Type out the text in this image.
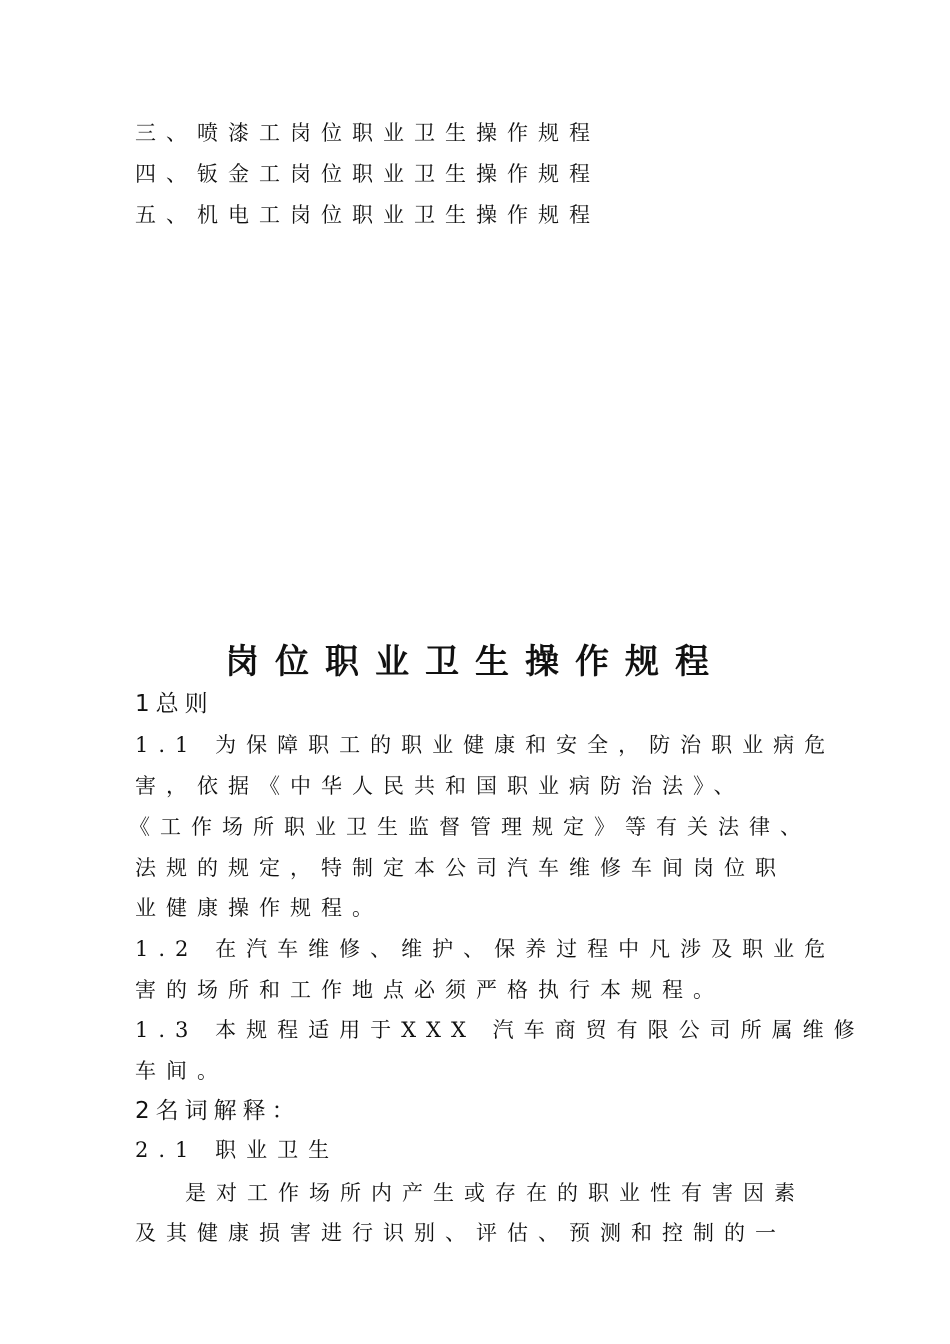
三、喷漆工岗位职业卫生操作规程
四、钣金工岗位职业卫生操作规程
五、机电工岗位职业卫生操作规程
岗位职业卫生操作规程
1总则
1.1 为保障职工的职业健康和安全，防治职业病危
害，依据《中华人民共和国职业病防治法》、
《工作场所职业卫生监督管理规定》等有关法律、
法规的规定，特制定本公司汽车维修车间岗位职
业健康操作规程。
1.2 在汽车维修、维护、保养过程中凡涉及职业危
害的场所和工作地点必须严格执行本规程。
1.3 本规程适用于XXX 汽车商贸有限公司所属维修
车间。
2名词解释：
2.1 职业卫生
是对工作场所内产生或存在的职业性有害因素
及其健康损害进行识别、评估、预测和控制的一
